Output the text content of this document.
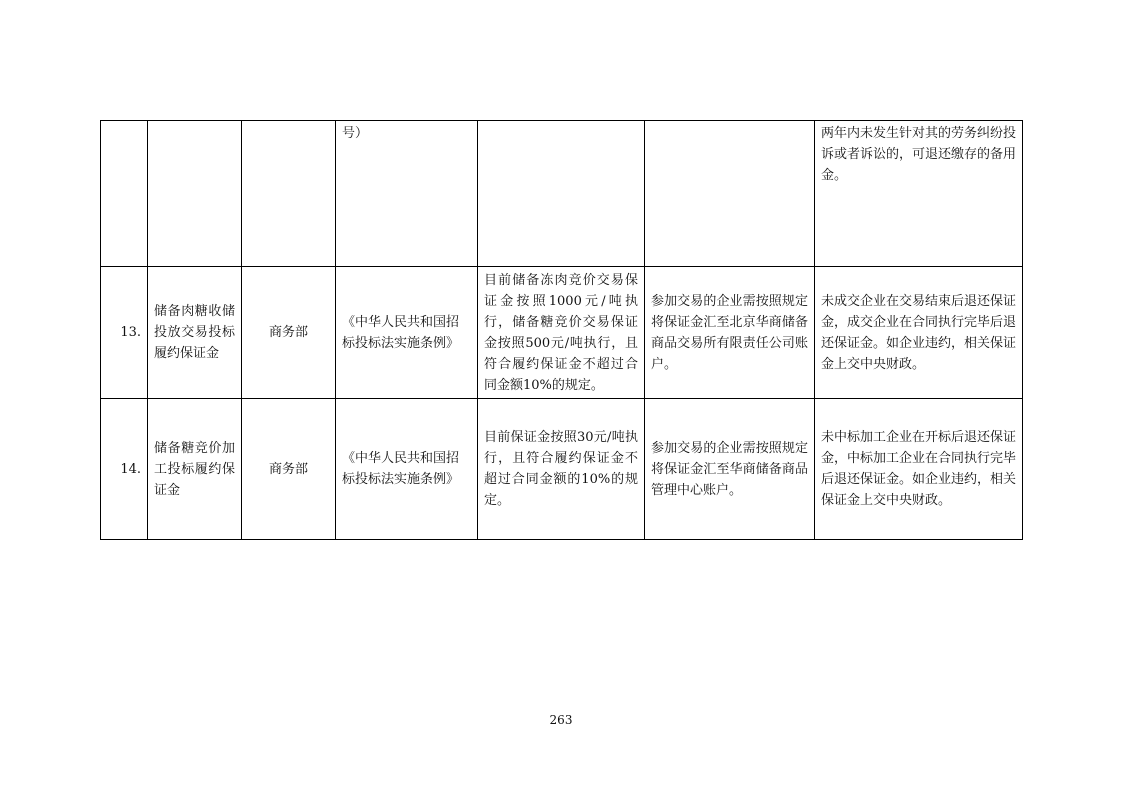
			号）			两年内未发生针对其的劳务纠纷投诉或者诉讼的，可退还缴存的备用金。
13.	储备肉糖收储投放交易投标履约保证金	商务部	《中华人民共和国招标投标法实施条例》	目前储备冻肉竞价交易保证金按照1000元/吨执行，储备糖竞价交易保证金按照500元/吨执行，且符合履约保证金不超过合同金额10%的规定。	参加交易的企业需按照规定将保证金汇至北京华商储备商品交易所有限责任公司账户。	未成交企业在交易结束后退还保证金，成交企业在合同执行完毕后退还保证金。如企业违约，相关保证金上交中央财政。
14.	储备糖竞价加工投标履约保证金	商务部	《中华人民共和国招标投标法实施条例》	目前保证金按照30元/吨执行，且符合履约保证金不超过合同金额的10%的规定。	参加交易的企业需按照规定将保证金汇至华商储备商品管理中心账户。	未中标加工企业在开标后退还保证金，中标加工企业在合同执行完毕后退还保证金。如企业违约，相关保证金上交中央财政。
263
